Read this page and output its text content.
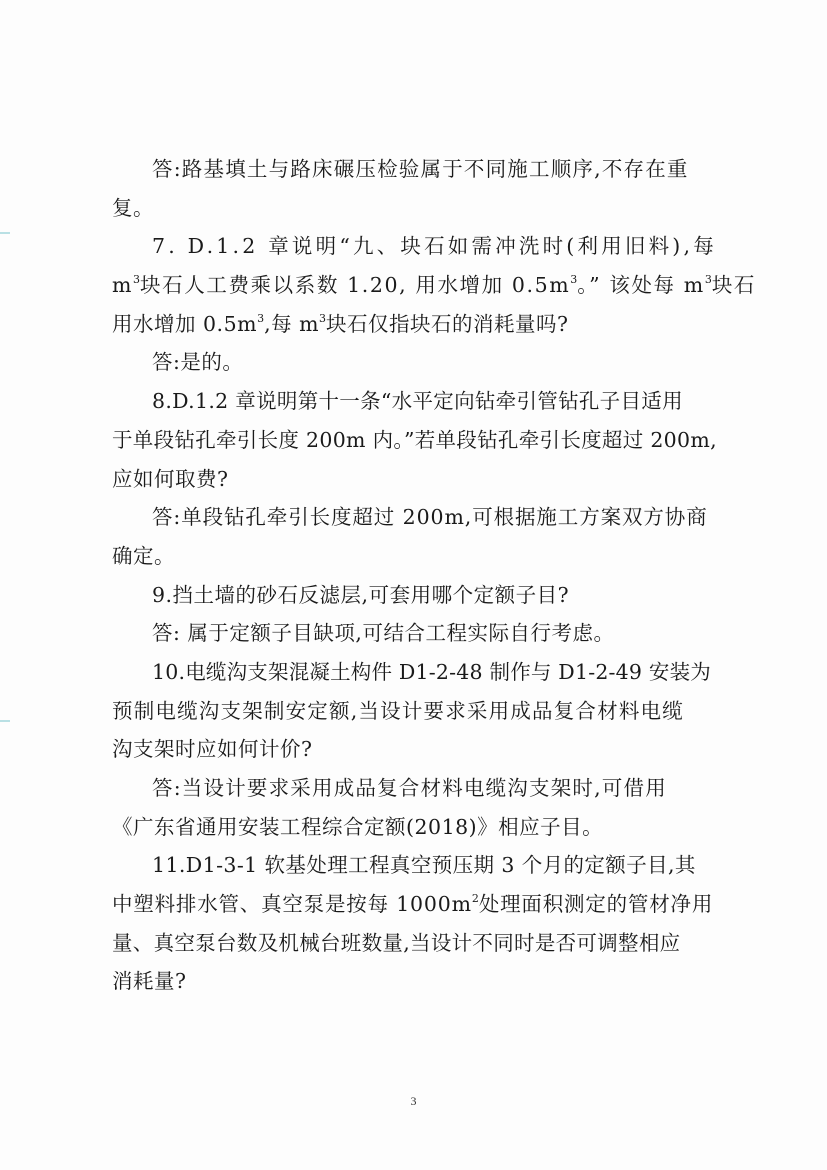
答:路基填土与路床碾压检验属于不同施工顺序,不存在重
复。
7. D.1.2 章说明“九、块石如需冲洗时(利用旧料),每
$m^3$块石人工费乘以系数 1.20, 用水增加 $0.5m^3$。” 该处每 $m^3$块石
用水增加 $0.5m^3$,每 $m^3$块石仅指块石的消耗量吗?
答:是的。
8.D.1.2 章说明第十一条“水平定向钻牵引管钻孔子目适用
于单段钻孔牵引长度 200m 内。”若单段钻孔牵引长度超过 200m,
应如何取费?
答:单段钻孔牵引长度超过 200m,可根据施工方案双方协商
确定。
9.挡土墙的砂石反滤层,可套用哪个定额子目?
答: 属于定额子目缺项,可结合工程实际自行考虑。
10.电缆沟支架混凝土构件 D1-2-48 制作与 D1-2-49 安装为
预制电缆沟支架制安定额,当设计要求采用成品复合材料电缆
沟支架时应如何计价?
答:当设计要求采用成品复合材料电缆沟支架时,可借用
《广东省通用安装工程综合定额(2018)》相应子目。
11.D1-3-1 软基处理工程真空预压期 3 个月的定额子目,其
中塑料排水管、真空泵是按每 $1000m^2$处理面积测定的管材净用
量、真空泵台数及机械台班数量,当设计不同时是否可调整相应
消耗量?
3
